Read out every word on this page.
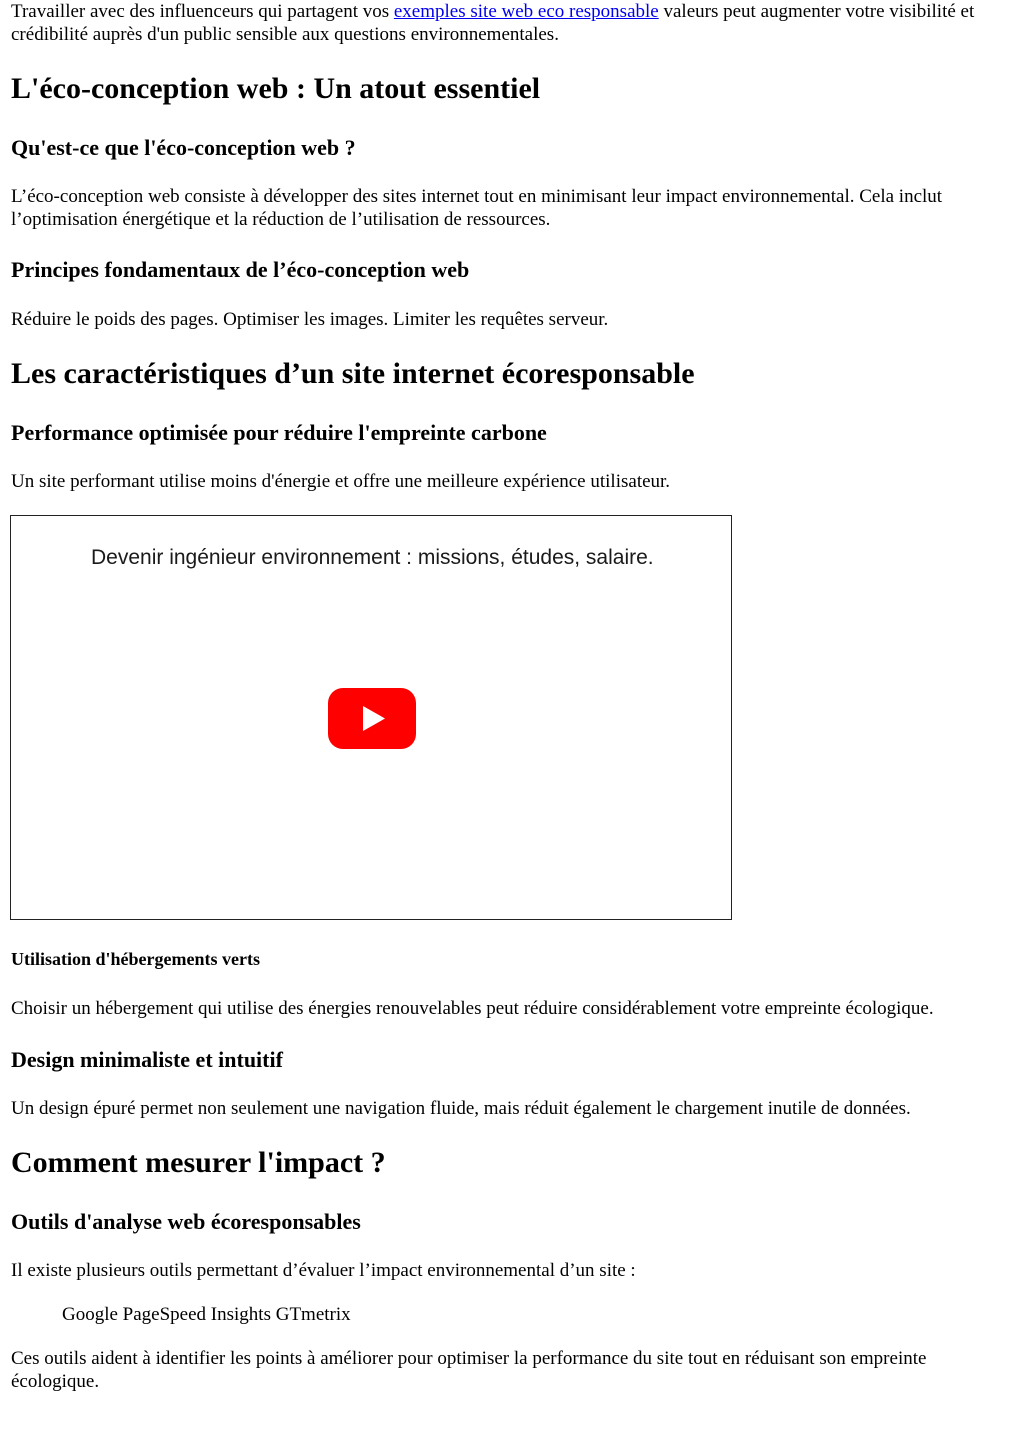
Travailler avec des influenceurs qui partagent vos exemples site web eco responsable valeurs peut augmenter votre visibilité et crédibilité auprès d'un public sensible aux questions environnementales.

L'éco-conception web : Un atout essentiel
Qu'est-ce que l'éco-conception web ?

L’éco-conception web consiste à développer des sites internet tout en minimisant leur impact environnemental. Cela inclut l’optimisation énergétique et la réduction de l’utilisation de ressources.

Principes fondamentaux de l’éco-conception web

Réduire le poids des pages. Optimiser les images. Limiter les requêtes serveur.

Les caractéristiques d’un site internet écoresponsable
Performance optimisée pour réduire l'empreinte carbone

Un site performant utilise moins d'énergie et offre une meilleure expérience utilisateur.

Devenir ingénieur environnement : missions, études, salaire.
Utilisation d'hébergements verts

Choisir un hébergement qui utilise des énergies renouvelables peut réduire considérablement votre empreinte écologique.

Design minimaliste et intuitif

Un design épuré permet non seulement une navigation fluide, mais réduit également le chargement inutile de données.

Comment mesurer l'impact ?
Outils d'analyse web écoresponsables

Il existe plusieurs outils permettant d’évaluer l’impact environnemental d’un site :

Google PageSpeed Insights GTmetrix

Ces outils aident à identifier les points à améliorer pour optimiser la performance du site tout en réduisant son empreinte écologique.
